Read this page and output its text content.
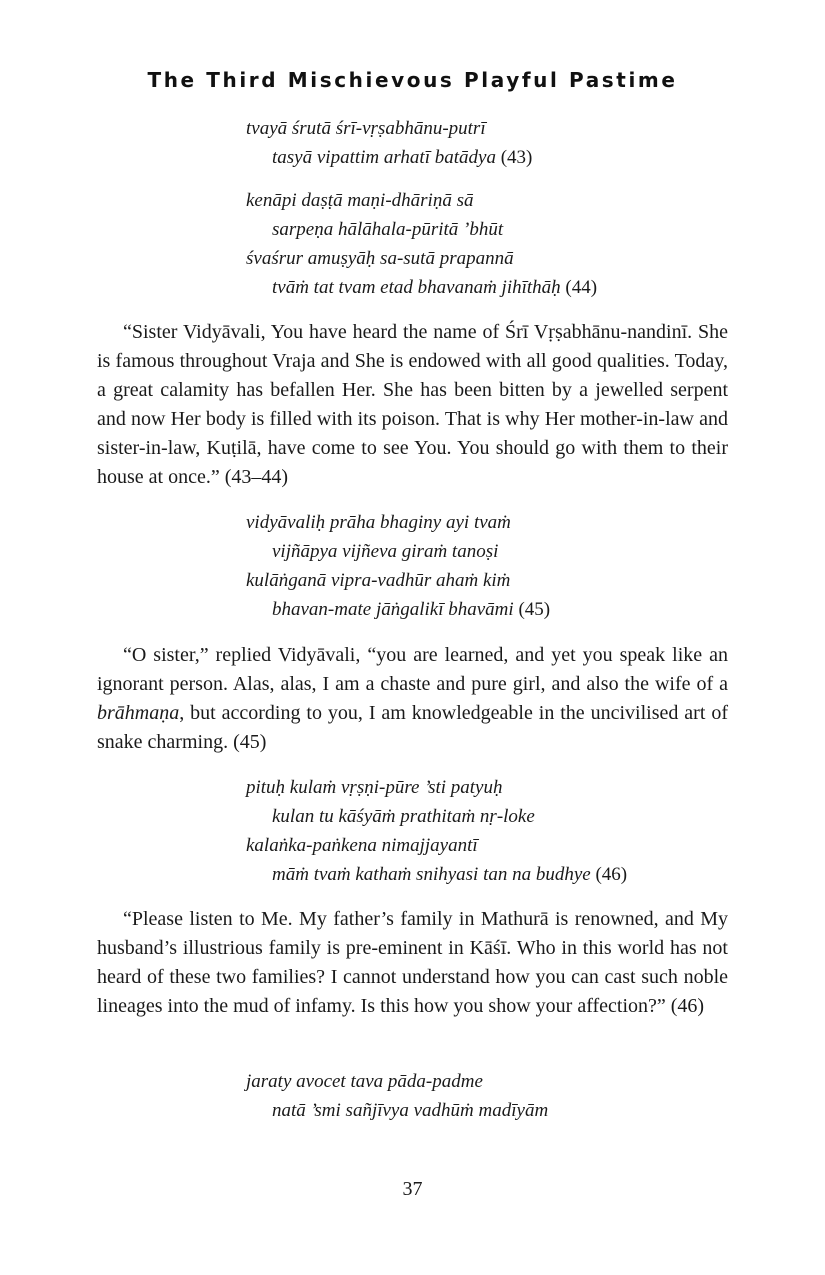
The Third Mischievous Playful Pastime
tvayā śrutā śrī-vṛṣabhānu-putrī
tasyā vipattim arhatī batādya (43)
kenāpi daṣṭā maṇi-dhāriṇā sā
sarpeṇa hālāhala-pūritā ’bhūt
śvaśrur amuṣyāḥ sa-sutā prapannā
tvāṁ tat tvam etad bhavanaṁ jihīthāḥ (44)

“Sister Vidyāvali, You have heard the name of Śrī Vṛṣabhānu-nandinī. She is famous throughout Vraja and She is endowed with all good qualities. Today, a great calamity has befallen Her. She has been bitten by a jewelled serpent and now Her body is filled with its poison. That is why Her mother-in-law and sister-in-law, Kuṭilā, have come to see You. You should go with them to their house at once.” (43–44)

vidyāvaliḥ prāha bhaginy ayi tvaṁ
vijñāpya vijñeva giraṁ tanoṣi
kulāṅganā vipra-vadhūr ahaṁ kiṁ
bhavan-mate jāṅgalikī bhavāmi (45)

“O sister,” replied Vidyāvali, “you are learned, and yet you speak like an ignorant person. Alas, alas, I am a chaste and pure girl, and also the wife of a brāhmaṇa, but according to you, I am knowledgeable in the uncivilised art of snake charming. (45)

pituḥ kulaṁ vṛṣṇi-pūre ’sti patyuḥ
kulan tu kāśyāṁ prathitaṁ nṛ-loke
kalaṅka-paṅkena nimajjayantī
māṁ tvaṁ kathaṁ snihyasi tan na budhye (46)

“Please listen to Me. My father’s family in Mathurā is renowned, and My husband’s illustrious family is pre-eminent in Kāśī. Who in this world has not heard of these two families? I cannot understand how you can cast such noble lineages into the mud of infamy. Is this how you show your affection?” (46)

jaraty avocet tava pāda-padme
natā ’smi sañjīvya vadhūṁ madīyām
37
